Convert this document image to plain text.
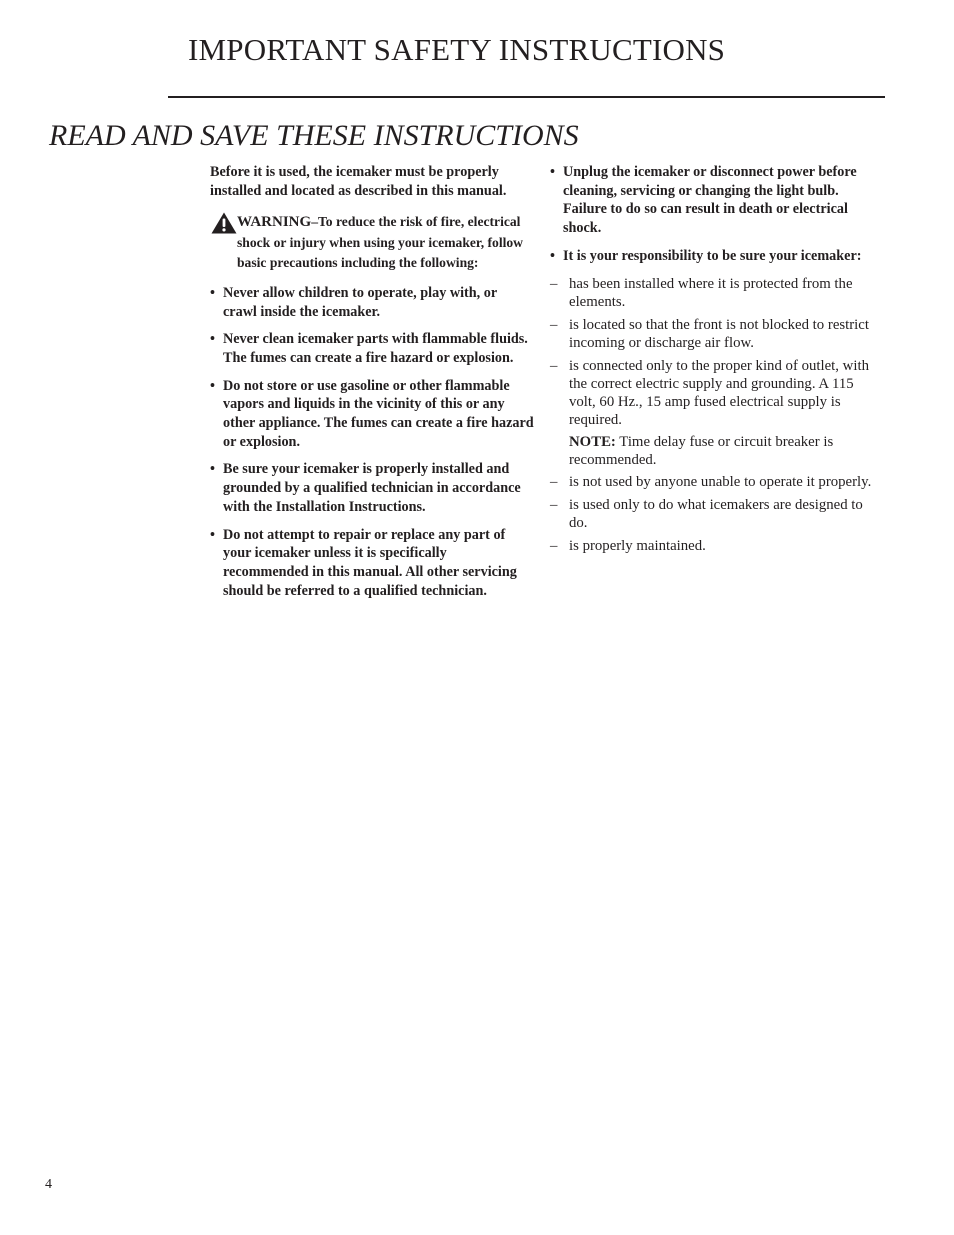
IMPORTANT SAFETY INSTRUCTIONS
READ AND SAVE THESE INSTRUCTIONS

Before it is used, the icemaker must be properly installed and located as described in this manual.

WARNING–To reduce the risk of fire, electrical shock or injury when using your icemaker, follow basic precautions including the following:

• Never allow children to operate, play with, or crawl inside the icemaker.
• Never clean icemaker parts with flammable fluids. The fumes can create a fire hazard or explosion.
• Do not store or use gasoline or other flammable vapors and liquids in the vicinity of this or any other appliance. The fumes can create a fire hazard or explosion.
• Be sure your icemaker is properly installed and grounded by a qualified technician in accordance with the Installation Instructions.
• Do not attempt to repair or replace any part of your icemaker unless it is specifically recommended in this manual. All other servicing should be referred to a qualified technician.
• Unplug the icemaker or disconnect power before cleaning, servicing or changing the light bulb. Failure to do so can result in death or electrical shock.
• It is your responsibility to be sure your icemaker:
– has been installed where it is protected from the elements.
– is located so that the front is not blocked to restrict incoming or discharge air flow.
– is connected only to the proper kind of outlet, with the correct electric supply and grounding. A 115 volt, 60 Hz., 15 amp fused electrical supply is required.

NOTE: Time delay fuse or circuit breaker is recommended.

– is not used by anyone unable to operate it properly.
– is used only to do what icemakers are designed to do.
– is properly maintained.
4
